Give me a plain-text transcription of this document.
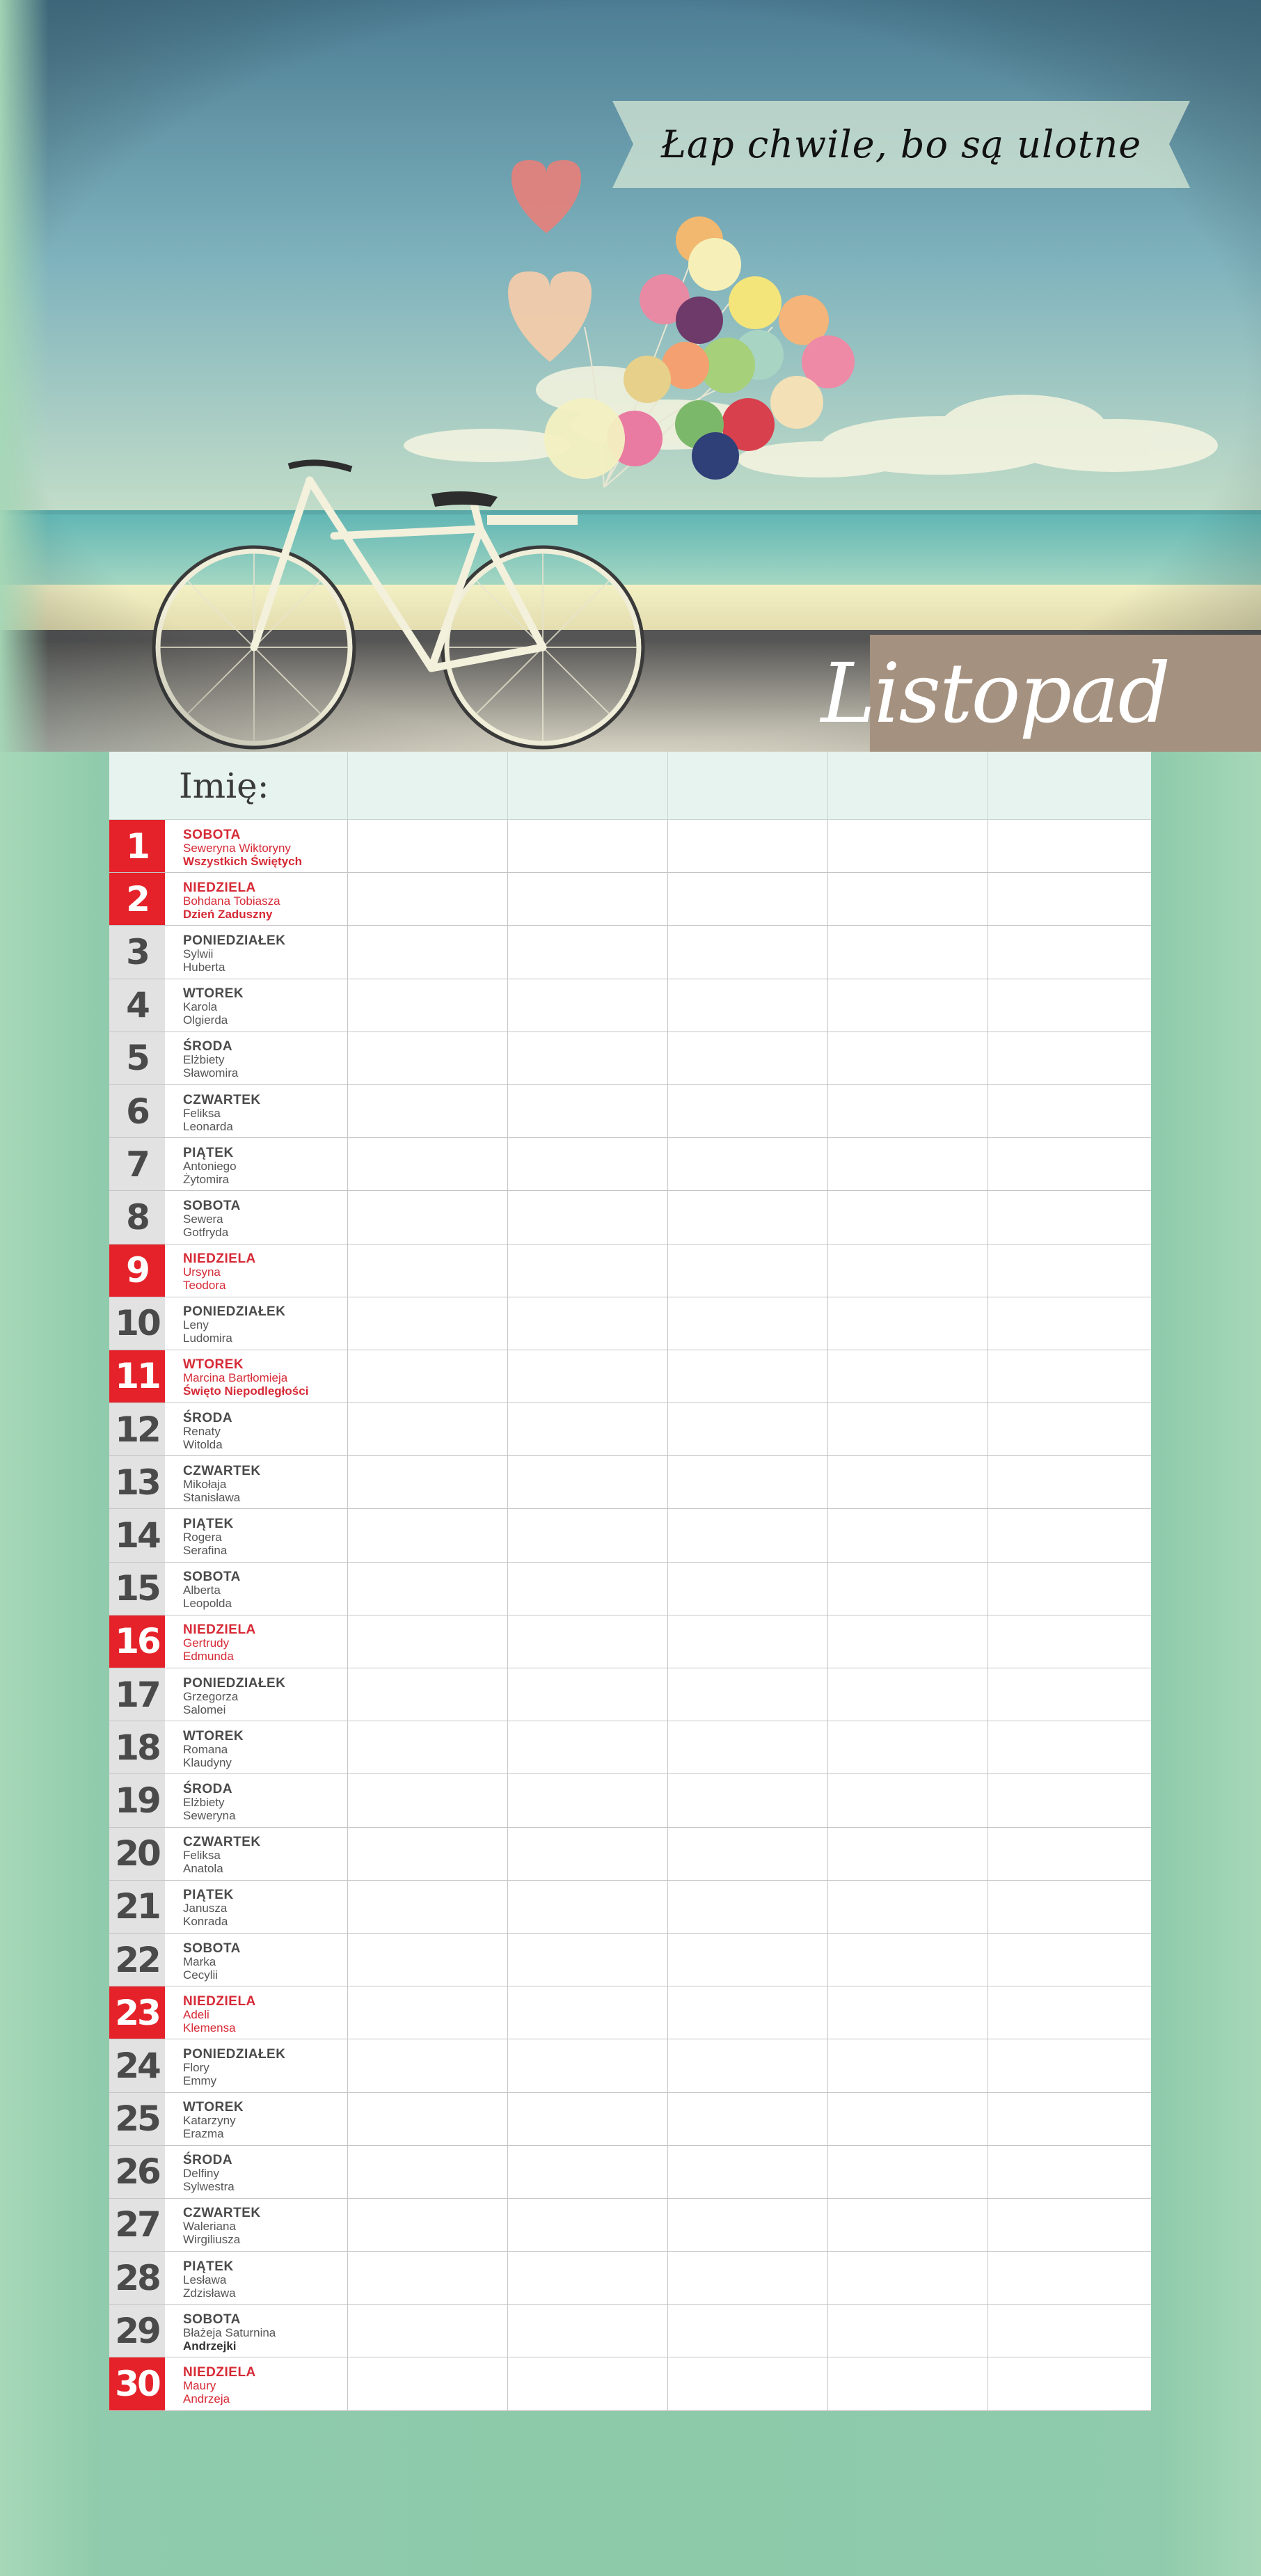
Łap chwile, bo są ulotne
Listopad
Imię:
1	SOBOTA
Seweryna Wiktoryny
Wszystkich Świętych
2	NIEDZIELA
Bohdana Tobiasza
Dzień Zaduszny
3	PONIEDZIAŁEK
Sylwii
Huberta
4	WTOREK
Karola
Olgierda
5	ŚRODA
Elżbiety
Sławomira
6	CZWARTEK
Feliksa
Leonarda
7	PIĄTEK
Antoniego
Żytomira
8	SOBOTA
Sewera
Gotfryda
9	NIEDZIELA
Ursyna
Teodora
10	PONIEDZIAŁEK
Leny
Ludomira
11	WTOREK
Marcina Bartłomieja
Święto Niepodległości
12	ŚRODA
Renaty
Witolda
13	CZWARTEK
Mikołaja
Stanisława
14	PIĄTEK
Rogera
Serafina
15	SOBOTA
Alberta
Leopolda
16	NIEDZIELA
Gertrudy
Edmunda
17	PONIEDZIAŁEK
Grzegorza
Salomei
18	WTOREK
Romana
Klaudyny
19	ŚRODA
Elżbiety
Seweryna
20	CZWARTEK
Feliksa
Anatola
21	PIĄTEK
Janusza
Konrada
22	SOBOTA
Marka
Cecylii
23	NIEDZIELA
Adeli
Klemensa
24	PONIEDZIAŁEK
Flory
Emmy
25	WTOREK
Katarzyny
Erazma
26	ŚRODA
Delfiny
Sylwestra
27	CZWARTEK
Waleriana
Wirgiliusza
28	PIĄTEK
Lesława
Zdzisława
29	SOBOTA
Błażeja Saturnina
Andrzejki
30	NIEDZIELA
Maury
Andrzeja
